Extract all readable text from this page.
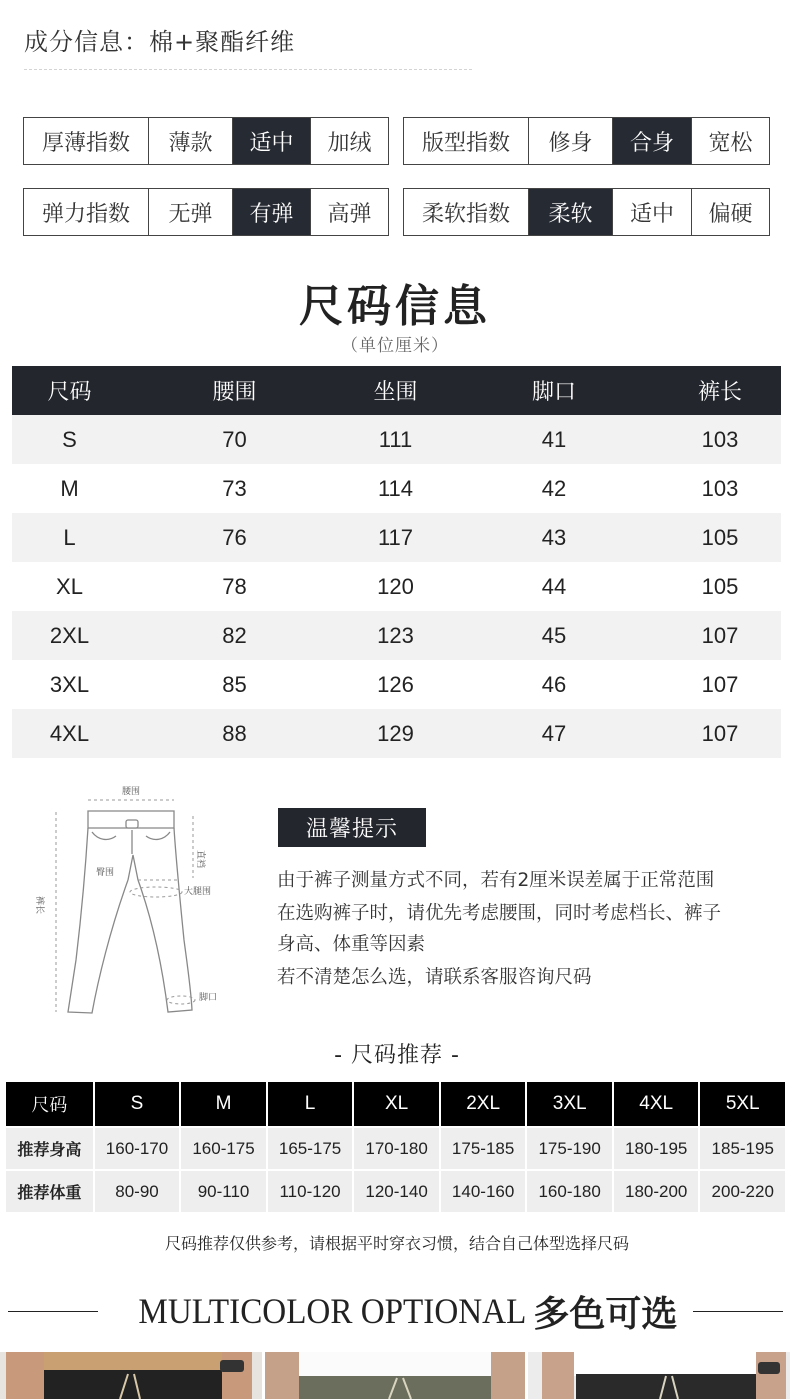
成分信息：棉+聚酯纤维
厚薄指数	薄款	适中	加绒	版型指数	修身	合身	宽松
弹力指数	无弹	有弹	高弹	柔软指数	柔软	适中	偏硬
尺码信息
（单位厘米）
尺码	腰围	坐围	脚口	裤长
S	70	111	41	103
M	73	114	42	103
L	76	117	43	105
XL	78	120	44	105
2XL	82	123	45	107
3XL	85	126	46	107
4XL	88	129	47	107
腰围
直裆
臀围
大腿围
裤长
脚口
温馨提示
由于裤子测量方式不同，若有2厘米误差属于正常范围
在选购裤子时，请优先考虑腰围，同时考虑档长、裤子
身高、体重等因素
若不清楚怎么选，请联系客服咨询尺码
- 尺码推荐 -
尺码	S	M	L	XL	2XL	3XL	4XL	5XL
推荐身高	160-170	160-175	165-175	170-180	175-185	175-190	180-195	185-195
推荐体重	80-90	90-110	110-120	120-140	140-160	160-180	180-200	200-220
尺码推荐仅供参考，请根据平时穿衣习惯，结合自己体型选择尺码
MULTICOLOR OPTIONAL 多色可选
